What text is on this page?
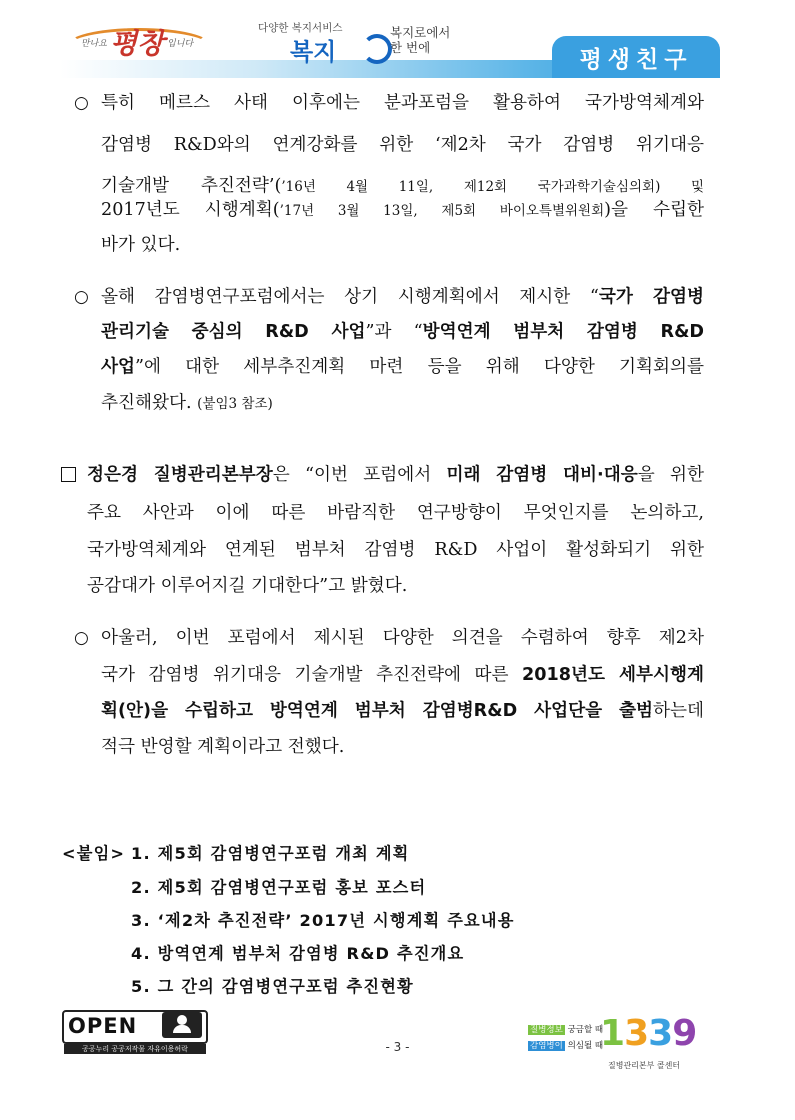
만나요 평창 입니다
다양한 복지서비스
복지
복지로에서
한 번에	평생친구
○ 특히 메르스 사태 이후에는 분과포럼을 활용하여 국가방역체계와
감염병 R&D와의 연계강화를 위한 ‘제2차 국가 감염병 위기대응
기술개발 추진전략’(’16년 4월 11일, 제12회 국가과학기술심의회) 및
2017년도 시행계획(’17년 3월 13일, 제5회 바이오특별위원회)을 수립한
바가 있다.
○ 올해 감염병연구포럼에서는 상기 시행계획에서 제시한 “국가 감염병
관리기술 중심의 R&D 사업”과 “방역연계 범부처 감염병 R&D
사업”에 대한 세부추진계획 마련 등을 위해 다양한 기획회의를
추진해왔다. (붙임3 참조)
정은경 질병관리본부장은 “이번 포럼에서 미래 감염병 대비·대응을 위한
주요 사안과 이에 따른 바람직한 연구방향이 무엇인지를 논의하고,
국가방역체계와 연계된 범부처 감염병 R&D 사업이 활성화되기 위한
공감대가 이루어지길 기대한다”고 밝혔다.
○ 아울러, 이번 포럼에서 제시된 다양한 의견을 수렴하여 향후 제2차
국가 감염병 위기대응 기술개발 추진전략에 따른 2018년도 세부시행계
획(안)을 수립하고 방역연계 범부처 감염병R&D 사업단을 출범하는데
적극 반영할 계획이라고 전했다.
<붙임> 1. 제5회 감염병연구포럼 개최 계획
2. 제5회 감염병연구포럼 홍보 포스터
3. ‘제2차 추진전략’ 2017년 시행계획 주요내용
4. 방역연계 범부처 감염병 R&D 추진개요
5. 그 간의 감염병연구포럼 추진현황
OPEN
공공누리 공공저작물 자유이용허락	- 3 -
질병정보 궁금할 때
감염병이 의심될 때
1339
질병관리본부 콜센터
